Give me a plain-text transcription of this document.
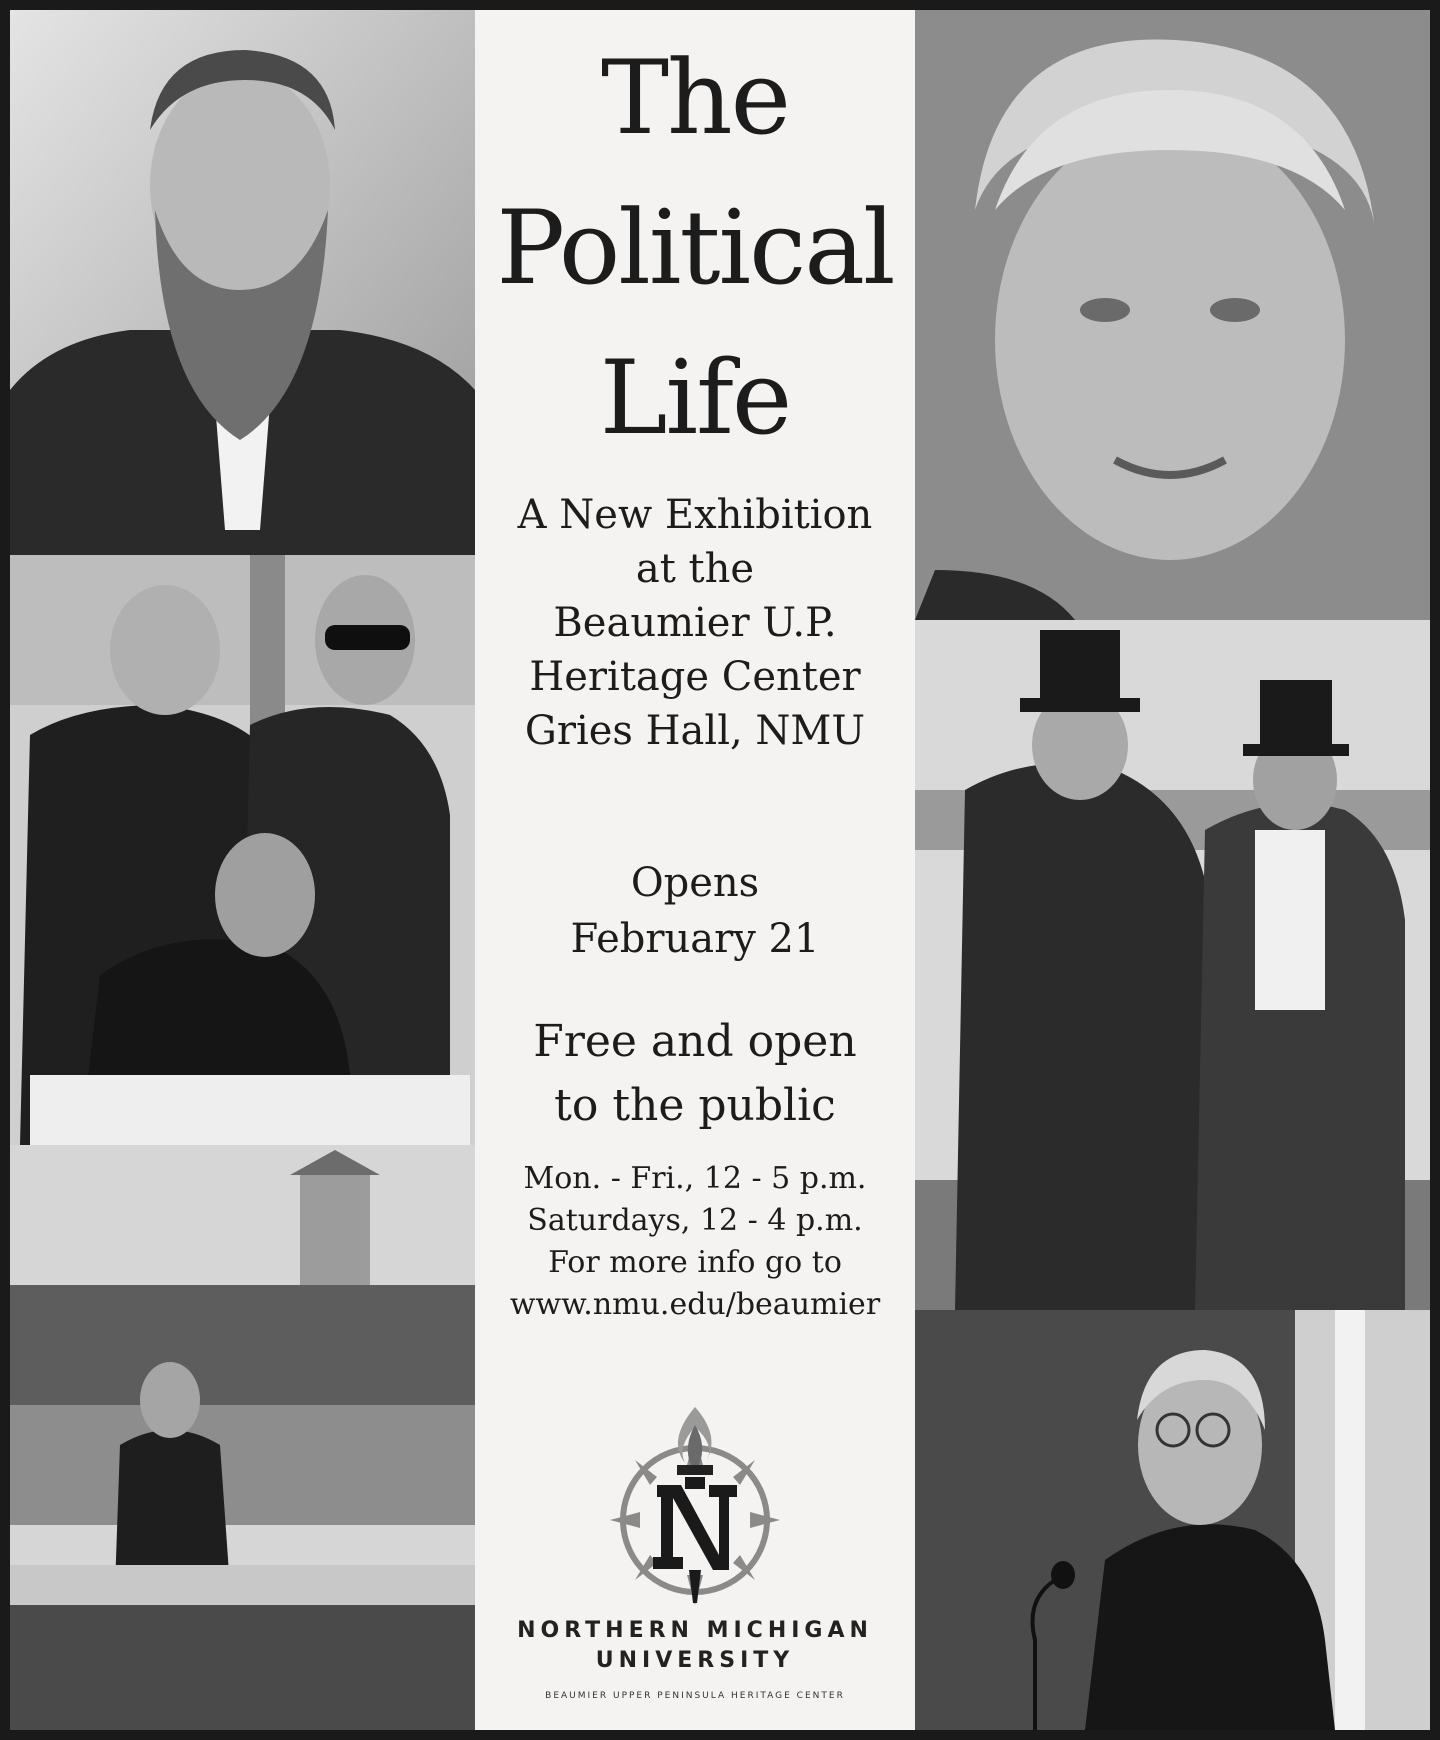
The
Political
Life
A New Exhibition
at the
Beaumier U.P.
Heritage Center
Gries Hall, NMU
Opens
February 21
Free and open
to the public
Mon. - Fri., 12 - 5 p.m.
Saturdays, 12 - 4 p.m.
For more info go to
www.nmu.edu/beaumier
NORTHERN MICHIGAN
UNIVERSITY
BEAUMIER UPPER PENINSULA HERITAGE CENTER
